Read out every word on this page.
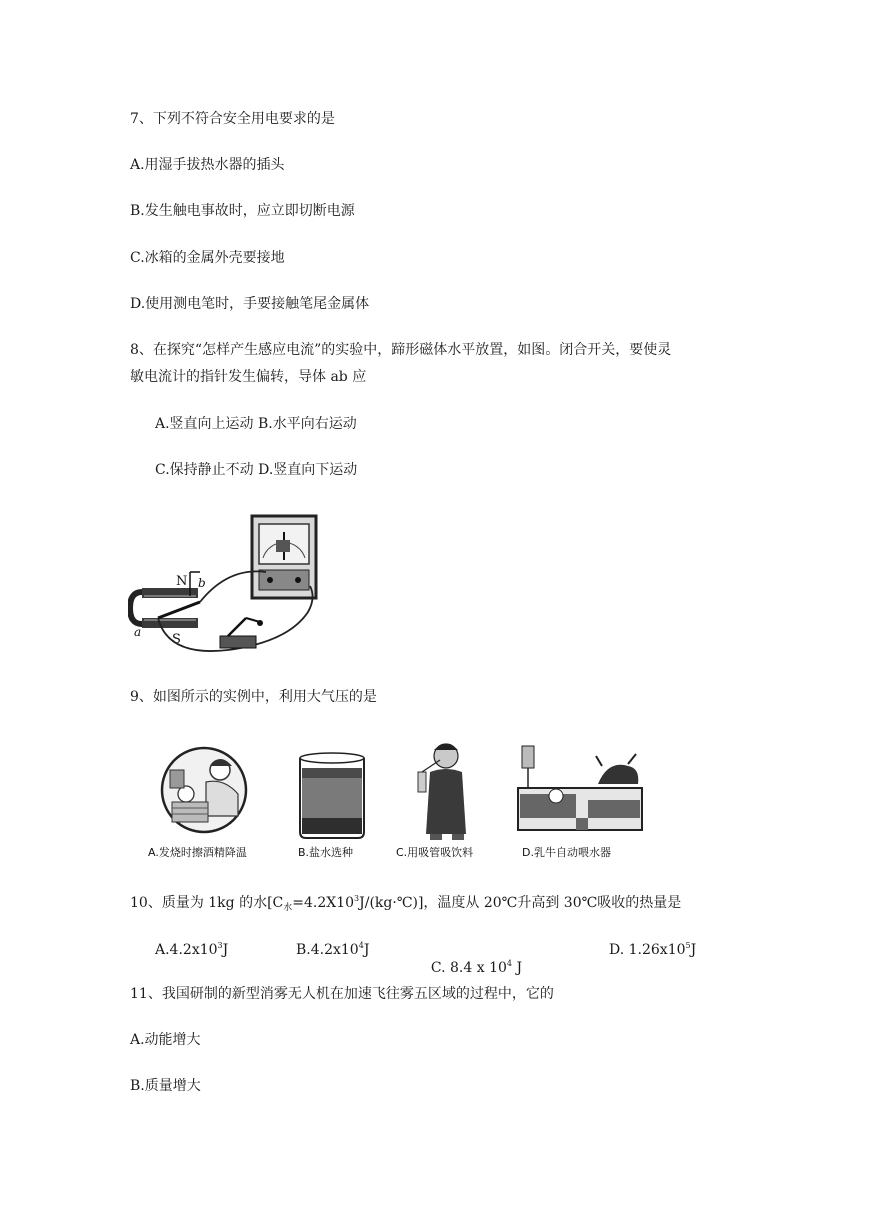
7、下列不符合安全用电要求的是
A.用湿手拔热水器的插头
B.发生触电事故时，应立即切断电源
C.冰箱的金属外壳要接地
D.使用测电笔时，手要接触笔尾金属体
8、在探究“怎样产生感应电流”的实验中，蹄形磁体水平放置，如图。闭合开关，要使灵
敏电流计的指针发生偏转，导体 ab 应
A.竖直向上运动 B.水平向右运动
C.保持静止不动 D.竖直向下运动
N
S
a
b
9、如图所示的实例中，利用大气压的是
A.发烧时擦酒精降温	B.盐水选种	C.用吸管吸饮料	D.乳牛自动喂水器
10、质量为 1kg 的水$[C_水=4.2X10^3J/(kg\cdot℃)]$，温度从 20℃升高到 30℃吸收的热量是
$A.4.2x10^3J$	$B.4.2x10^4J$

C. 8.4 x $10^4$ J

D. $1.26x10^5J$
11、我国研制的新型消雾无人机在加速飞往雾五区域的过程中，它的
A.动能增大
B.质量增大
